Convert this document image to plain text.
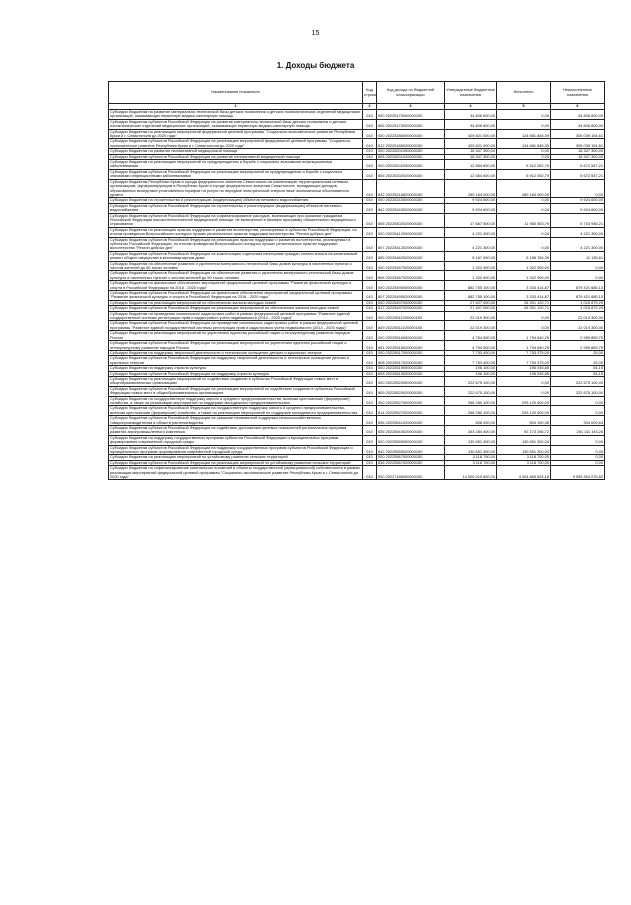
15
1. Доходы бюджета
Наименование показателя	Код строки	Код дохода по бюджетной классификации	Утвержденные бюджетные назначения	Исполнено	Неисполненные назначения
1	2	3	4	5	6
Субсидии бюджетам на развитие материально-технической базы детских поликлиник и детских поликлинических отделений медицинских организаций, оказывающих первичную медико-санитарную помощь	010	000 20225170000000150	34 606 600,00	0,00	34 606 600,00
Субсидии бюджетам субъектов Российской Федерации на развитие материально-технической базы детских поликлиник и детских поликлинических отделений медицинских организаций, оказывающих первичную медико-санитарную помощь	010	806 20225170020000150	34 606 600,00	0,00	34 606 600,00
Субсидии бюджетам на реализацию мероприятий федеральной целевой программы "Социально-экономическое развитие Республики Крым и г. Севастополя до 2020 года"	010	000 20225186000000150	429 821 000,00	124 681 845,39	305 039 154,61
Субсидии бюджетам субъектов Российской Федерации на реализацию мероприятий федеральной целевой программы "Социально-экономическое развитие Республики Крым и г. Севастополя до 2020 года"	010	812 20225186020000150	429 821 000,00	124 681 845,39	305 039 154,61
Субсидии бюджетам на развитие паллиативной медицинской помощи	010	000 20225201000000150	16 347 300,00	0,00	16 347 300,00
Субсидии бюджетам субъектов Российской Федерации на развитие паллиативной медицинской помощи	010	806 20225201020000150	16 347 300,00	0,00	16 347 300,00
Субсидии бюджетам на реализацию мероприятий по предупреждению и борьбе с социально значимыми инфекционными заболеваниями	010	000 20225202000000150	12 584 600,00	5 912 052,79	6 672 547,21
Субсидии бюджетам субъектов Российской Федерации на реализацию мероприятий по предупреждению и борьбе с социально значимыми инфекционными заболеваниями	010	806 20225202020000150	12 584 600,00	5 912 052,79	6 672 547,21
Субсидии бюджетам Республики Крым и города федерального значения Севастополя на компенсацию территориальным сетевым организациям, функционирующим в Республике Крым и городе федерального значения Севастополе, выпадающих доходов, образованных вследствие установления тарифов на услуги по передаче электрической энергии ниже экономически обоснованного уровня	010	842 20225216820000150	280 164 000,00	280 164 000,00	0,00
Субсидии бюджетам на строительство и реконструкцию (модернизацию) объектов питьевого водоснабжения	010	000 20225243000000150	9 924 600,00	0,00	9 924 600,00
Субсидии бюджетам субъектов Российской Федерации на строительство и реконструкцию (модернизацию) объектов питьевого водоснабжения	010	842 20225243020000150	9 924 600,00	0,00	9 924 600,00
Субсидии бюджетам субъектов Российской Федерации на софинансирование расходов, возникающих при оказании гражданам Российской Федерации высокотехнологичной медицинской помощи, не включенной в базовую программу обязательного медицинского страхования	010	806 20225402020000150	17 687 500,00	11 983 553,79	5 703 946,21
Субсидии бюджетам на реализацию практик поддержки и развития волонтерства, реализуемых в субъектах Российской Федерации, по итогам проведения Всероссийского конкурса лучших региональных практик поддержки волонтерства "Регион добрых дел"	010	000 20225412000000150	4 221 300,00	0,00	4 221 300,00
Субсидии бюджетам субъектов Российской Федерации на реализацию практик поддержки и развития волонтерства, реализуемых в субъектах Российской Федерации, по итогам проведения Всероссийского конкурса лучших региональных практик поддержки волонтерства "Регион добрых дел"	010	807 20225412020000150	4 221 300,00	0,00	4 221 300,00
Субсидии бюджетам субъектов Российской Федерации на компенсацию отдельным категориям граждан оплаты взноса на капитальный ремонт общего имущества в многоквартирном доме	010	855 20225462020000150	5 167 900,00	5 156 764,39	11 135,61
Субсидии бюджетам на обеспечение развития и укрепления материально-технической базы домов культуры в населенных пунктах с числом жителей до 50 тысяч человек	010	000 20225467000000150	1 322 900,00	1 322 900,00	0,00
Субсидии бюджетам субъектов Российской Федерации на обеспечение развития и укрепления материально-технической базы домов культуры в населенных пунктах с числом жителей до 50 тысяч человек	010	808 20225467020000150	1 322 900,00	1 322 900,00	0,00
Субсидии бюджетам на финансовое обеспечение мероприятий федеральной целевой программы "Развитие физической культуры и спорта в Российской Федерации на 2016 - 2020 годы"	010	000 20225495000000150	882 755 100,00	3 333 414,87	879 421 685,13
Субсидии бюджетам субъектов Российской Федерации на финансовое обеспечение мероприятий федеральной целевой программы "Развитие физической культуры и спорта в Российской Федерации на 2016 - 2020 годы"	010	807 20225495020000150	882 755 100,00	3 333 414,87	879 421 685,13
Субсидии бюджетам на реализацию мероприятий по обеспечению жильем молодых семей	010	000 20225497000000150	27 407 000,00	26 391 120,71	1 015 879,29
Субсидии бюджетам субъектов Российской Федерации на реализацию мероприятий по обеспечению жильем молодых семей	010	817 20225497020000150	27 407 000,00	26 391 120,71	1 015 879,29
Субсидии бюджетам на проведение комплексных кадастровых работ в рамках федеральной целевой программы "Развитие единой государственной системы регистрации прав и кадастрового учета недвижимости (2014 - 2020 годы)"	010	000 20225511000000150	22 019 300,00	0,00	22 019 300,00
Субсидии бюджетам субъектов Российской Федерации на проведение комплексных кадастровых работ в рамках федеральной целевой программы "Развитие единой государственной системы регистрации прав и кадастрового учета недвижимости (2014 - 2020 годы)"	010	849 20225511020000150	22 019 300,00	0,00	22 019 300,00
Субсидии бюджетам на реализацию мероприятий по укреплению единства российской нации и этнокультурному развитию народов России	010	000 20225516000000150	4 754 500,00	1 794 640,25	2 959 859,75
Субсидии бюджетам субъектов Российской Федерации на реализацию мероприятий по укреплению единства российской нации и этнокультурному развитию народов России	010	851 20225516020000150	4 754 500,00	1 794 640,25	2 959 859,75
Субсидии бюджетам на поддержку творческой деятельности и техническое оснащение детских и кукольных театров	010	000 20225517000000150	7 753 400,00	7 753 375,00	25,00
Субсидии бюджетам субъектов Российской Федерации на поддержку творческой деятельности и техническое оснащение детских и кукольных театров	010	808 20225517020000150	7 753 400,00	7 753 375,00	25,00
Субсидии бюджетам на поддержку отрасли культуры	010	000 20225519000000150	196 100,00	196 045,85	54,15
Субсидии бюджетам субъектов Российской Федерации на поддержку отрасли культуры	010	808 20225519020000150	196 100,00	196 045,85	54,15
Субсидии бюджетам на реализацию мероприятий по содействию созданию в субъектах Российской Федерации новых мест в общеобразовательных организациях	010	000 20225520000000150	222 675 100,00	0,00	222 675 100,00
Субсидии бюджетам субъектов Российской Федерации на реализацию мероприятий по содействию созданию в субъектах Российской Федерации новых мест в общеобразовательных организациях	010	809 20225520020000150	222 675 100,00	0,00	222 675 100,00
Субсидии бюджетам на государственную поддержку малого и среднего предпринимательства, включая крестьянские (фермерские) хозяйства, а также на реализацию мероприятий по поддержке молодежного предпринимательства	010	000 20225527000000150	266 280 100,00	293 120 400,00	0,00
Субсидии бюджетам субъектов Российской Федерации на государственную поддержку малого и среднего предпринимательства, включая крестьянские (фермерские) хозяйства, а также на реализацию мероприятий по поддержке молодежного предпринимательства	010	814 20225527020000150	266 280 100,00	293 120 400,00	0,00
Субсидии бюджетам субъектов Российской Федерации на оказание несвязанной поддержки сельскохозяйственным товаропроизводителям в области растениеводства	010	836 20225541020000150	838 200,00	504 190,36	334 009,64
Субсидии бюджетам субъектов Российской Федерации на содействие достижению целевых показателей региональных программ развития агропромышленного комплекса	010	836 20225543020000150	343 284 400,00	92 173 256,72	251 111 143,28
Субсидии бюджетам на поддержку государственных программ субъектов Российской Федерации и муниципальных программ формирования современной городской среды	010	000 20225555000000150	130 651 300,00	130 651 300,00	0,00
Субсидии бюджетам субъектов Российской Федерации на поддержку государственных программ субъектов Российской Федерации и муниципальных программ формирования современной городской среды	010	842 20225555020000150	130 651 300,00	130 651 300,00	0,00
Субсидии бюджетам на реализацию мероприятий по устойчивому развитию сельских территорий	010	000 20225567000000150	3 118 700,00	3 118 700,00	0,00
Субсидии бюджетам субъектов Российской Федерации на реализацию мероприятий по устойчивому развитию сельских территорий	010	836 20225567020000150	3 118 700,00	3 118 700,00	0,00
Субсидии бюджетам на софинансирование капитальных вложений в объекты государственной (муниципальной) собственности в рамках реализации мероприятий федеральной целевой программы "Социально-экономическое развитие Республики Крым и г. Севастополя до 2020 года"	010	000 20227186000000150	14 000 019 600,00	4 404 665 524,18	9 595 354 075,82
